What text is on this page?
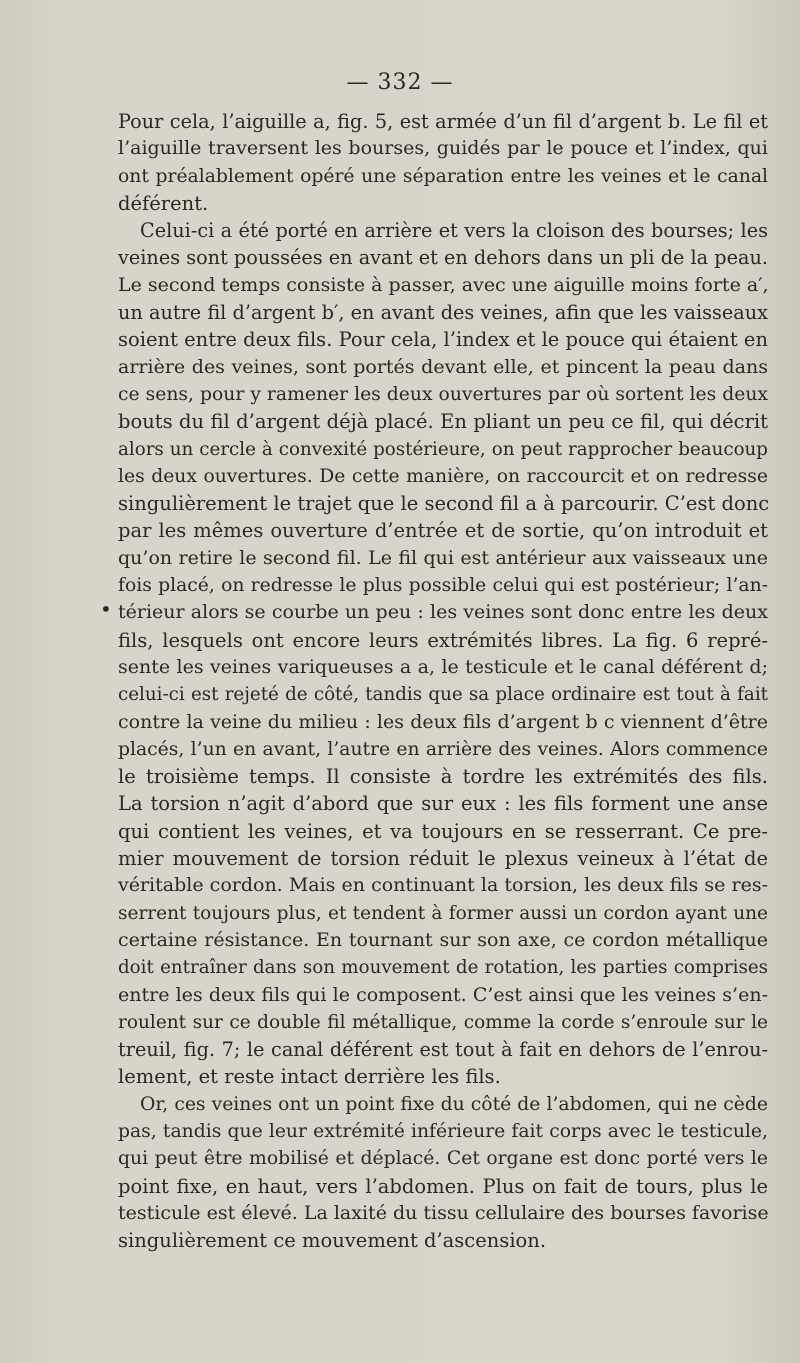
— 332 —
•
Pour cela, l’aiguille a, fig. 5, est armée d’un fil d’argent b. Le fil et
l’aiguille traversent les bourses, guidés par le pouce et l’index, qui
ont préalablement opéré une séparation entre les veines et le canal
déférent.
Celui-ci a été porté en arrière et vers la cloison des bourses; les
veines sont poussées en avant et en dehors dans un pli de la peau.
Le second temps consiste à passer, avec une aiguille moins forte a′,
un autre fil d’argent b′, en avant des veines, afin que les vaisseaux
soient entre deux fils. Pour cela, l’index et le pouce qui étaient en
arrière des veines, sont portés devant elle, et pincent la peau dans
ce sens, pour y ramener les deux ouvertures par où sortent les deux
bouts du fil d’argent déjà placé. En pliant un peu ce fil, qui décrit
alors un cercle à convexité postérieure, on peut rapprocher beaucoup
les deux ouvertures. De cette manière, on raccourcit et on redresse
singulièrement le trajet que le second fil a à parcourir. C’est donc
par les mêmes ouverture d’entrée et de sortie, qu’on introduit et
qu’on retire le second fil. Le fil qui est antérieur aux vaisseaux une
fois placé, on redresse le plus possible celui qui est postérieur; l’an-
térieur alors se courbe un peu : les veines sont donc entre les deux
fils, lesquels ont encore leurs extrémités libres. La fig. 6 repré-
sente les veines variqueuses a a, le testicule et le canal déférent d;
celui-ci est rejeté de côté, tandis que sa place ordinaire est tout à fait
contre la veine du milieu : les deux fils d’argent b c viennent d’être
placés, l’un en avant, l’autre en arrière des veines. Alors commence
le troisième temps. Il consiste à tordre les extrémités des fils.
La torsion n’agit d’abord que sur eux : les fils forment une anse
qui contient les veines, et va toujours en se resserrant. Ce pre-
mier mouvement de torsion réduit le plexus veineux à l’état de
véritable cordon. Mais en continuant la torsion, les deux fils se res-
serrent toujours plus, et tendent à former aussi un cordon ayant une
certaine résistance. En tournant sur son axe, ce cordon métallique
doit entraîner dans son mouvement de rotation, les parties comprises
entre les deux fils qui le composent. C’est ainsi que les veines s’en-
roulent sur ce double fil métallique, comme la corde s’enroule sur le
treuil, fig. 7; le canal déférent est tout à fait en dehors de l’enrou-
lement, et reste intact derrière les fils.
Or, ces veines ont un point fixe du côté de l’abdomen, qui ne cède
pas, tandis que leur extrémité inférieure fait corps avec le testicule,
qui peut être mobilisé et déplacé. Cet organe est donc porté vers le
point fixe, en haut, vers l’abdomen. Plus on fait de tours, plus le
testicule est élevé. La laxité du tissu cellulaire des bourses favorise
singulièrement ce mouvement d’ascension.
